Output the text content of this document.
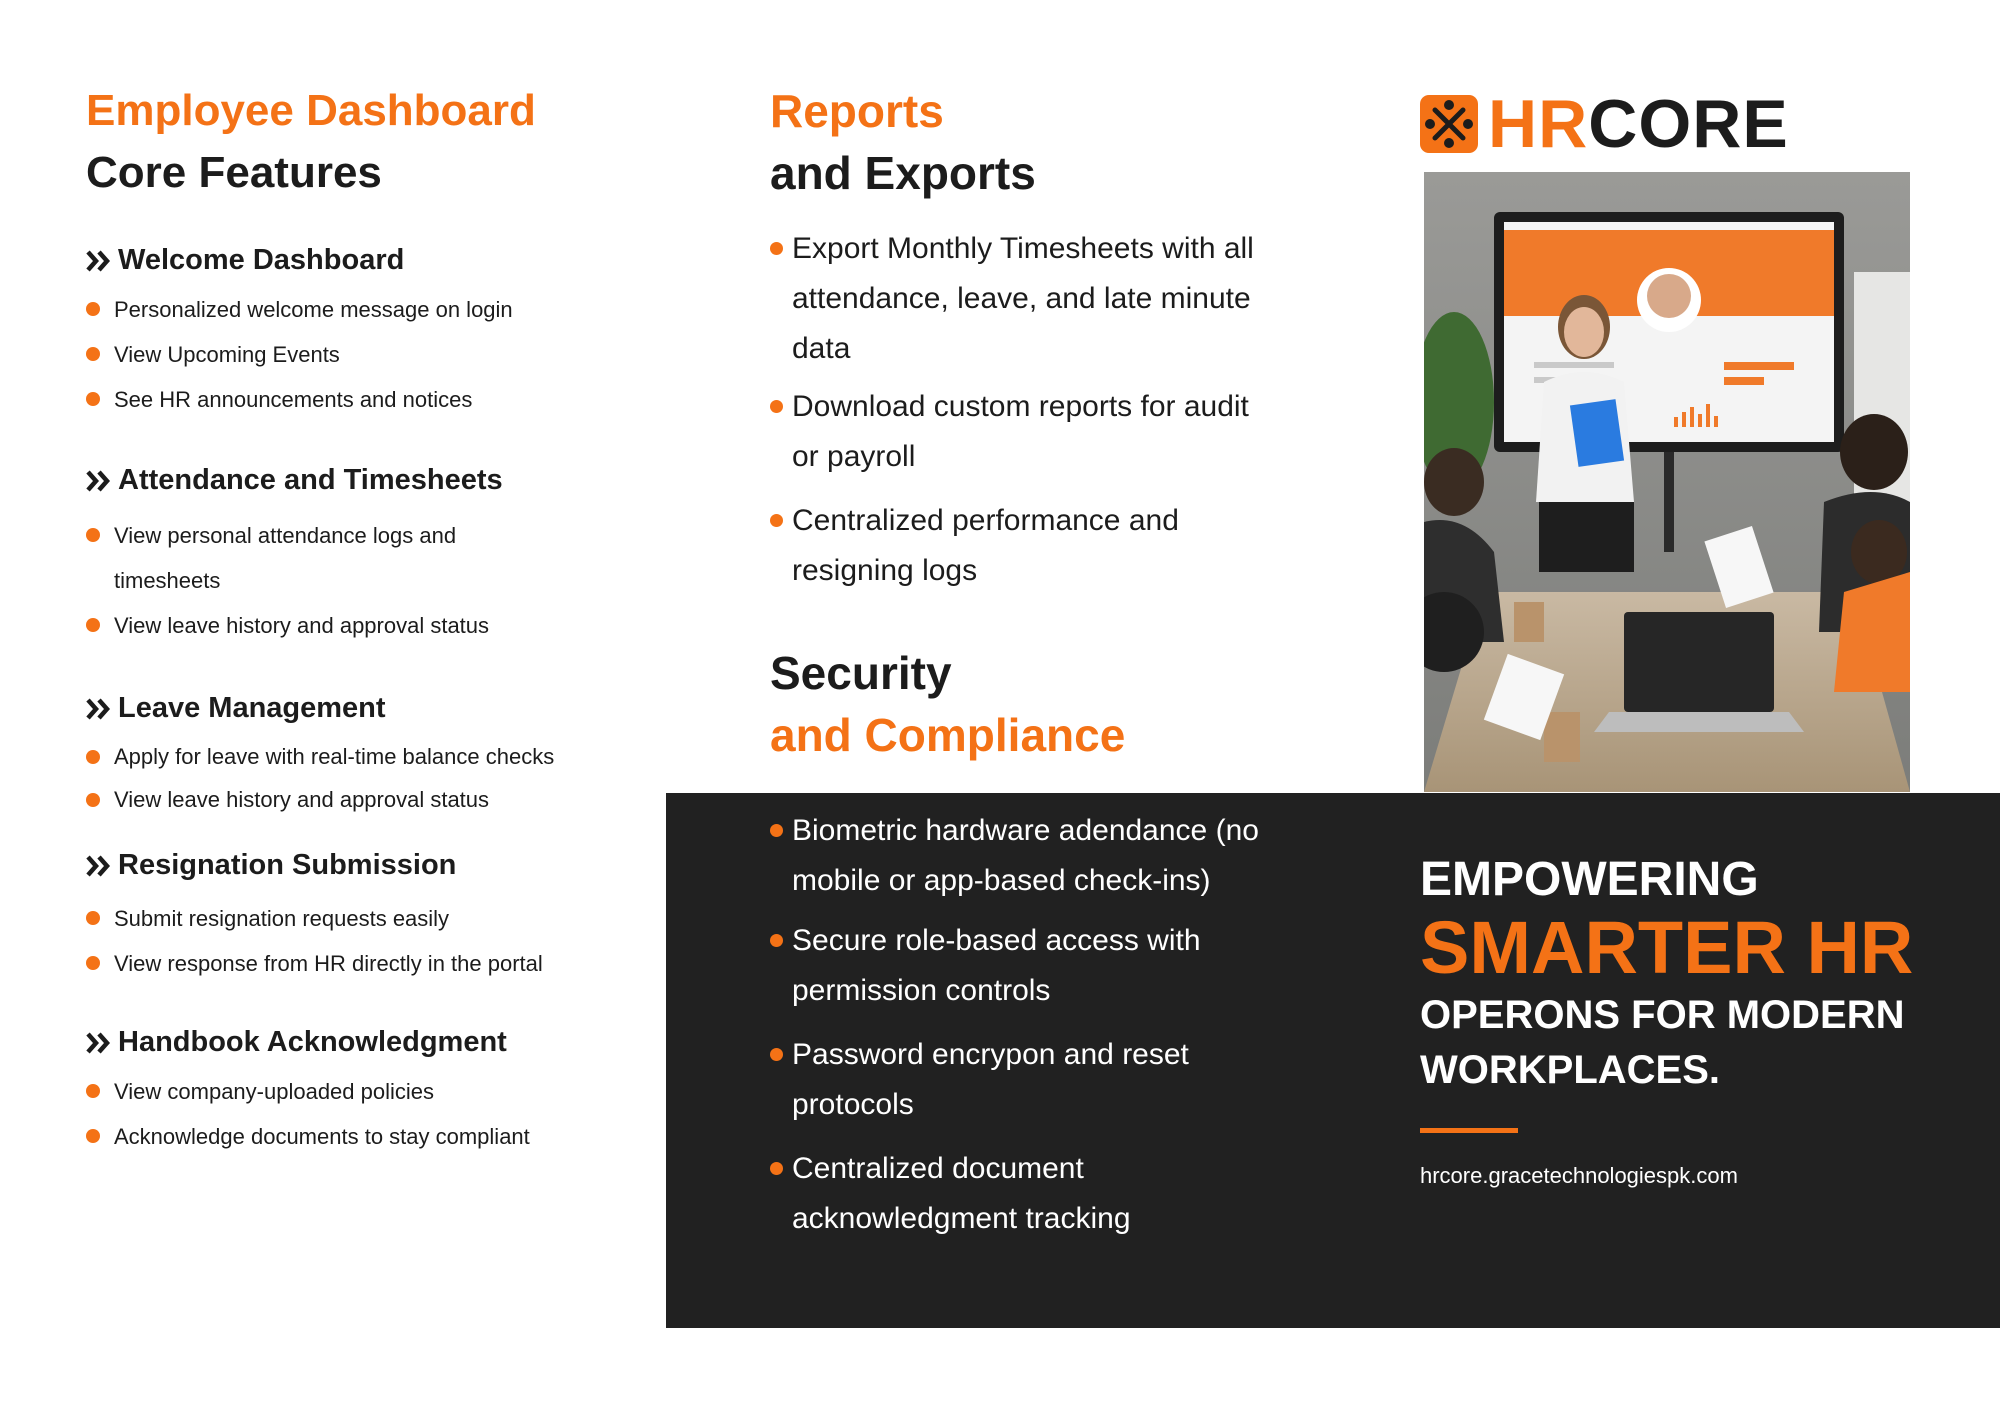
Employee Dashboard
Core Features
Welcome Dashboard
Personalized welcome message on login
View Upcoming Events
See HR announcements and notices
Attendance and Timesheets
View personal attendance logs and timesheets
View leave history and approval status
Leave Management
Apply for leave with real-time balance checks
View leave history and approval status
Resignation Submission
Submit resignation requests easily
View response from HR directly in the portal
Handbook Acknowledgment
View company-uploaded policies
Acknowledge documents to stay compliant
Reports
and Exports
Export Monthly Timesheets with all attendance, leave, and late minute data
Download custom reports for audit or payroll
Centralized performance and resigning logs
Security
and Compliance
Biometric hardware adendance (no mobile or app-based check-ins)
Secure role-based access with permission controls
Password encrypon and reset protocols
Centralized document acknowledgment tracking
HRCORE
EMPOWERING
SMARTER HR
OPERONS FOR MODERN WORKPLACES.
hrcore.gracetechnologiespk.com
